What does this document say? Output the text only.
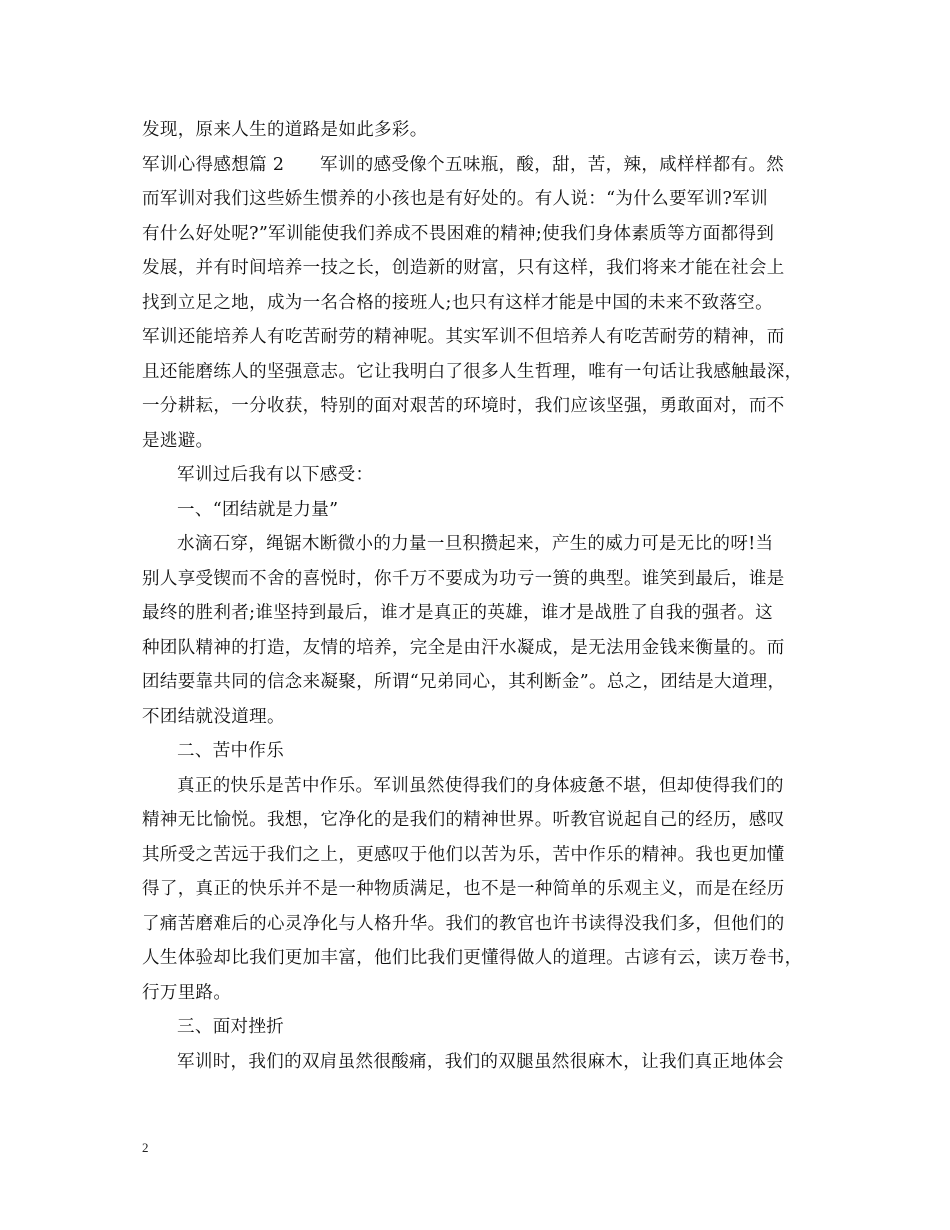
发现，原来人生的道路是如此多彩。
军训心得感想篇 2　　军训的感受像个五味瓶，酸，甜，苦，辣，咸样样都有。然
而军训对我们这些娇生惯养的小孩也是有好处的。有人说：“为什么要军训?军训
有什么好处呢?”军训能使我们养成不畏困难的精神;使我们身体素质等方面都得到
发展，并有时间培养一技之长，创造新的财富，只有这样，我们将来才能在社会上
找到立足之地，成为一名合格的接班人;也只有这样才能是中国的未来不致落空。
军训还能培养人有吃苦耐劳的精神呢。其实军训不但培养人有吃苦耐劳的精神，而
且还能磨练人的坚强意志。它让我明白了很多人生哲理，唯有一句话让我感触最深，
一分耕耘，一分收获，特别的面对艰苦的环境时，我们应该坚强，勇敢面对，而不
是逃避。
军训过后我有以下感受：
一、“团结就是力量”
水滴石穿，绳锯木断微小的力量一旦积攒起来，产生的威力可是无比的呀!当
别人享受锲而不舍的喜悦时，你千万不要成为功亏一篑的典型。谁笑到最后，谁是
最终的胜利者;谁坚持到最后，谁才是真正的英雄，谁才是战胜了自我的强者。这
种团队精神的打造，友情的培养，完全是由汗水凝成，是无法用金钱来衡量的。而
团结要靠共同的信念来凝聚，所谓“兄弟同心，其利断金”。总之，团结是大道理，
不团结就没道理。
二、苦中作乐
真正的快乐是苦中作乐。军训虽然使得我们的身体疲惫不堪，但却使得我们的
精神无比愉悦。我想，它净化的是我们的精神世界。听教官说起自己的经历，感叹
其所受之苦远于我们之上，更感叹于他们以苦为乐，苦中作乐的精神。我也更加懂
得了，真正的快乐并不是一种物质满足，也不是一种简单的乐观主义，而是在经历
了痛苦磨难后的心灵净化与人格升华。我们的教官也许书读得没我们多，但他们的
人生体验却比我们更加丰富，他们比我们更懂得做人的道理。古谚有云，读万卷书，
行万里路。
三、面对挫折
军训时，我们的双肩虽然很酸痛，我们的双腿虽然很麻木，让我们真正地体会
2
